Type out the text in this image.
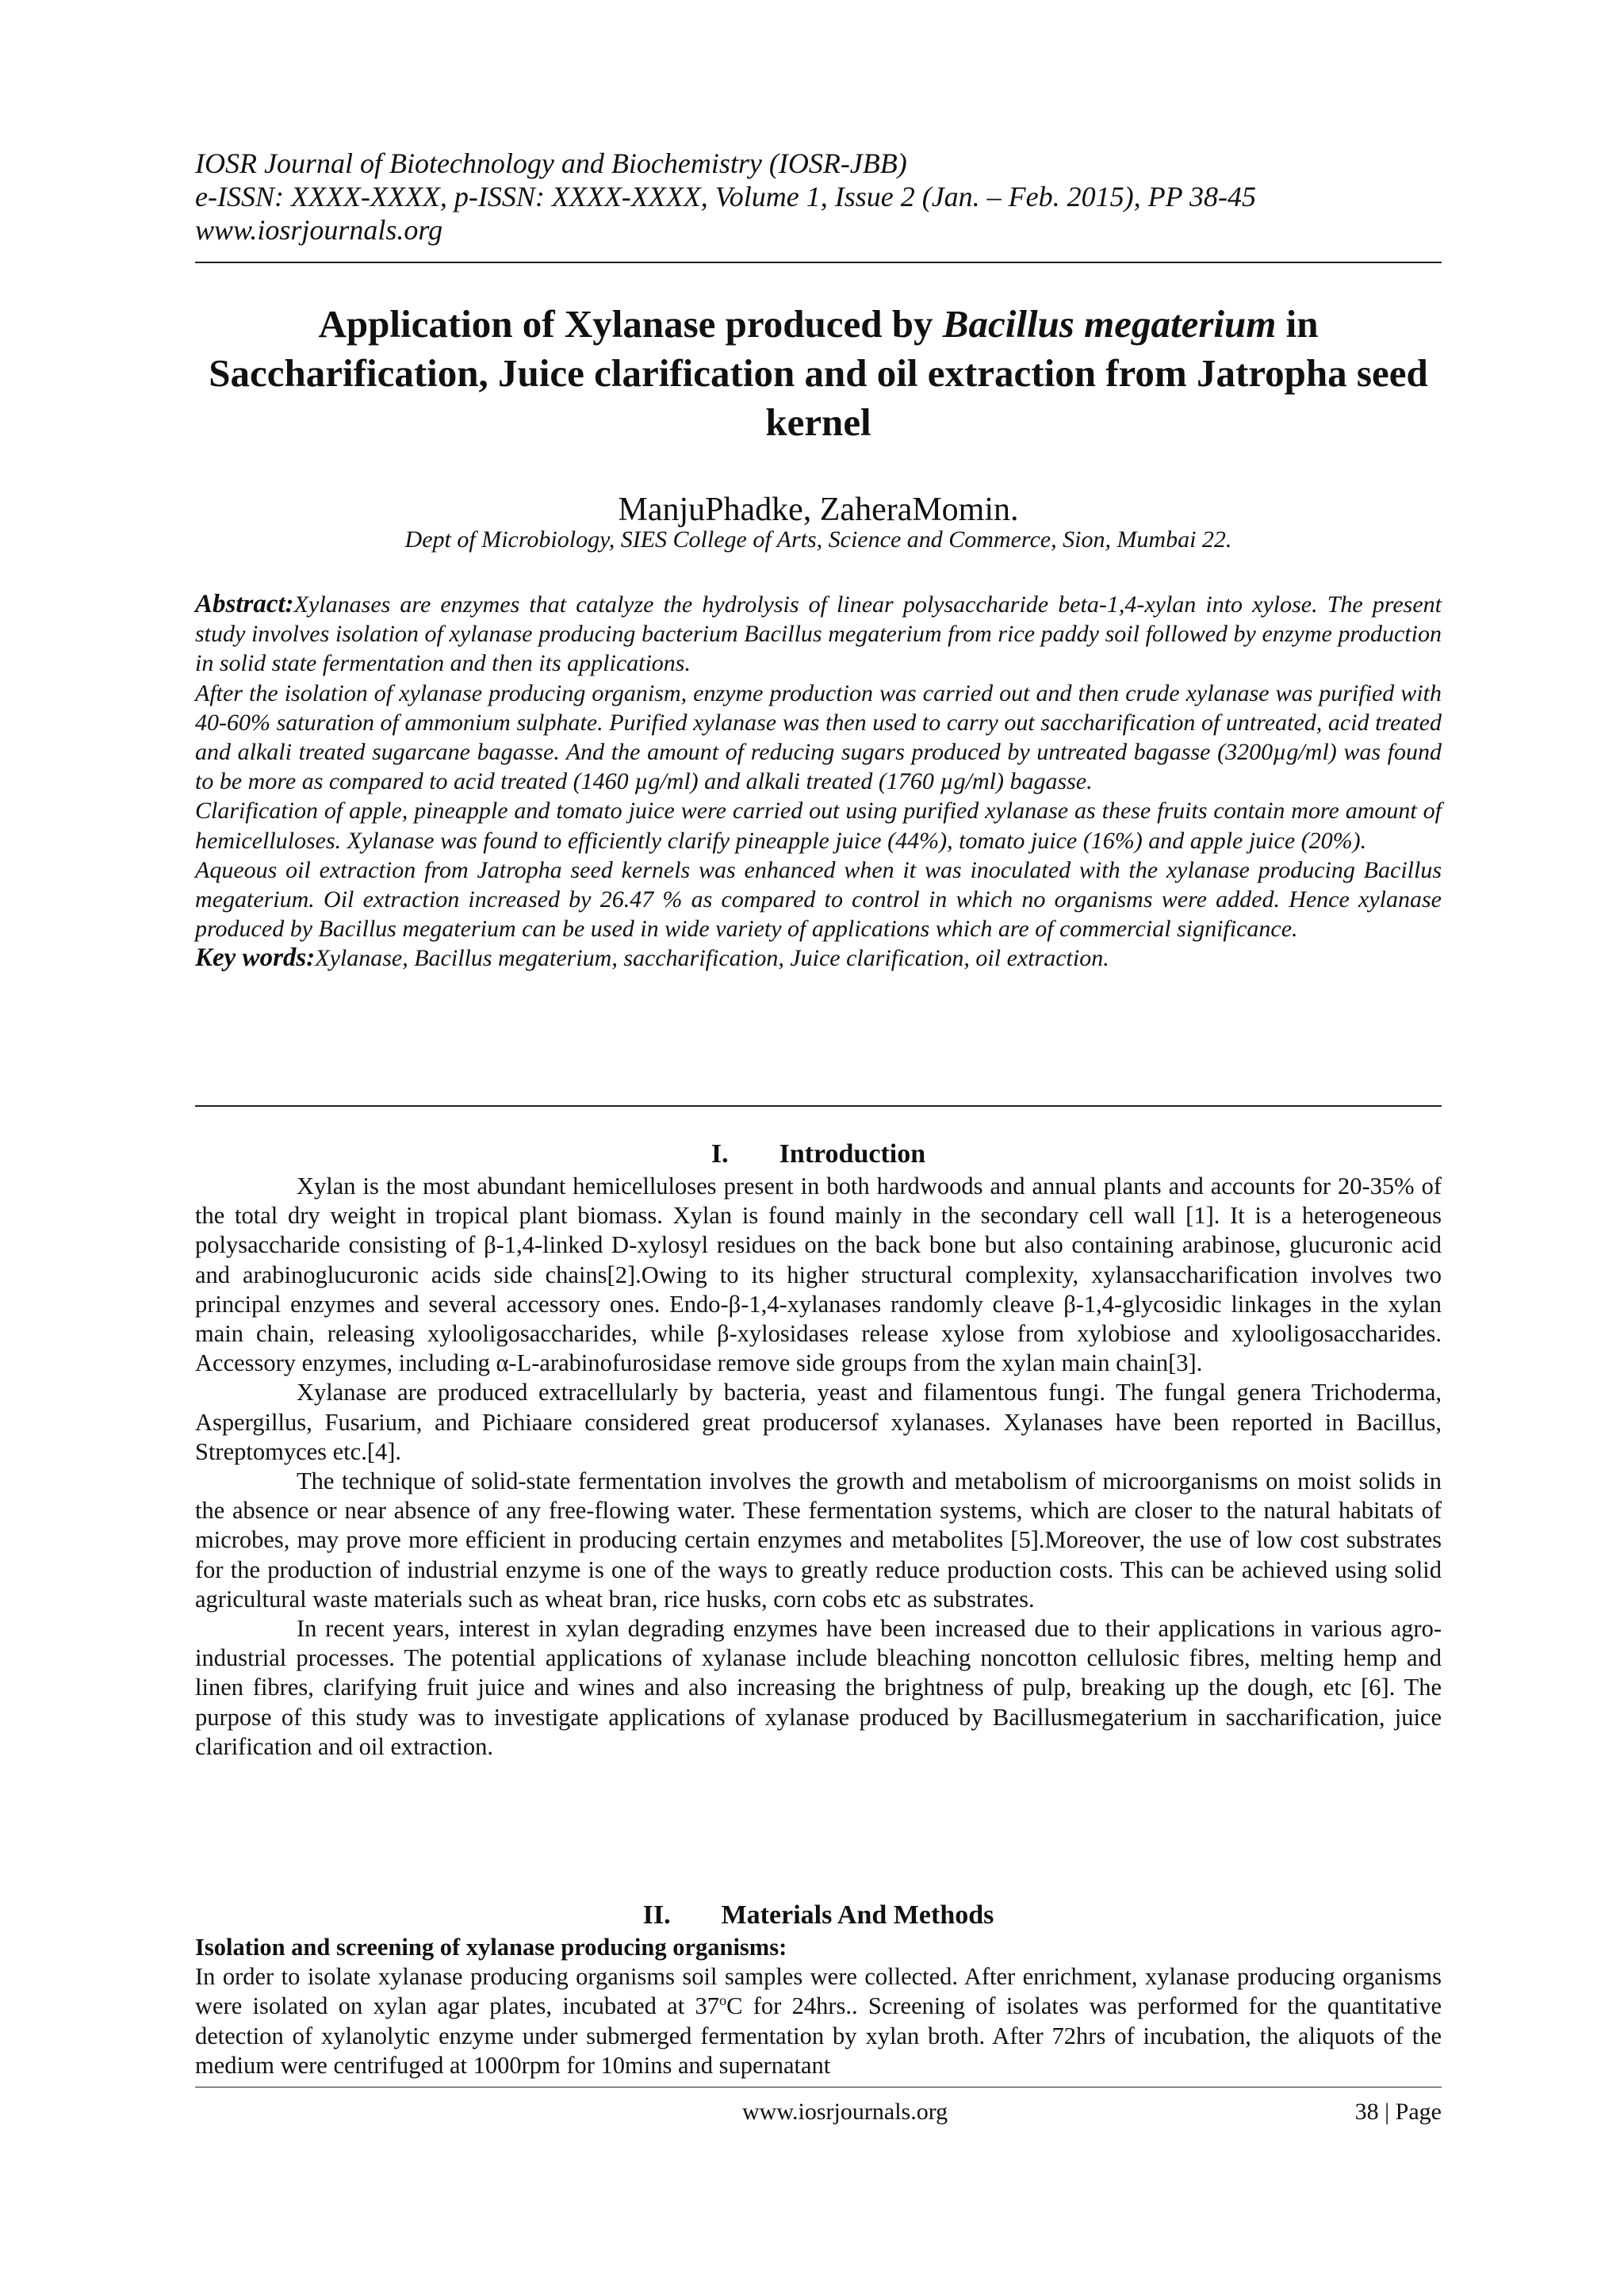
IOSR Journal of Biotechnology and Biochemistry (IOSR-JBB)
e-ISSN: XXXX-XXXX, p-ISSN: XXXX-XXXX, Volume 1, Issue 2 (Jan. – Feb. 2015), PP 38-45
www.iosrjournals.org
Application of Xylanase produced by Bacillus megaterium in Saccharification, Juice clarification and oil extraction from Jatropha seed kernel
ManjuPhadke, ZaheraMomin.
Dept of Microbiology, SIES College of Arts, Science and Commerce, Sion, Mumbai 22.

Abstract:Xylanases are enzymes that catalyze the hydrolysis of linear polysaccharide beta-1,4-xylan into xylose. The present study involves isolation of xylanase producing bacterium Bacillus megaterium from rice paddy soil followed by enzyme production in solid state fermentation and then its applications.

After the isolation of xylanase producing organism, enzyme production was carried out and then crude xylanase was purified with 40-60% saturation of ammonium sulphate. Purified xylanase was then used to carry out saccharification of untreated, acid treated and alkali treated sugarcane bagasse. And the amount of reducing sugars produced by untreated bagasse (3200µg/ml) was found to be more as compared to acid treated (1460 µg/ml) and alkali treated (1760 µg/ml) bagasse.

Clarification of apple, pineapple and tomato juice were carried out using purified xylanase as these fruits contain more amount of hemicelluloses. Xylanase was found to efficiently clarify pineapple juice (44%), tomato juice (16%) and apple juice (20%).

Aqueous oil extraction from Jatropha seed kernels was enhanced when it was inoculated with the xylanase producing Bacillus megaterium. Oil extraction increased by 26.47 % as compared to control in which no organisms were added. Hence xylanase produced by Bacillus megaterium can be used in wide variety of applications which are of commercial significance.

Key words:Xylanase, Bacillus megaterium, saccharification, Juice clarification, oil extraction.

I. Introduction

Xylan is the most abundant hemicelluloses present in both hardwoods and annual plants and accounts for 20-35% of the total dry weight in tropical plant biomass. Xylan is found mainly in the secondary cell wall [1]. It is a heterogeneous polysaccharide consisting of β-1,4-linked D-xylosyl residues on the back bone but also containing arabinose, glucuronic acid and arabinoglucuronic acids side chains[2].Owing to its higher structural complexity, xylansaccharification involves two principal enzymes and several accessory ones. Endo-β-1,4-xylanases randomly cleave β-1,4-glycosidic linkages in the xylan main chain, releasing xylooligosaccharides, while β-xylosidases release xylose from xylobiose and xylooligosaccharides. Accessory enzymes, including α-L-arabinofurosidase remove side groups from the xylan main chain[3].

Xylanase are produced extracellularly by bacteria, yeast and filamentous fungi. The fungal genera Trichoderma, Aspergillus, Fusarium, and Pichiaare considered great producersof xylanases. Xylanases have been reported in Bacillus, Streptomyces etc.[4].

The technique of solid-state fermentation involves the growth and metabolism of microorganisms on moist solids in the absence or near absence of any free-flowing water. These fermentation systems, which are closer to the natural habitats of microbes, may prove more efficient in producing certain enzymes and metabolites [5].Moreover, the use of low cost substrates for the production of industrial enzyme is one of the ways to greatly reduce production costs. This can be achieved using solid agricultural waste materials such as wheat bran, rice husks, corn cobs etc as substrates.

In recent years, interest in xylan degrading enzymes have been increased due to their applications in various agro-industrial processes. The potential applications of xylanase include bleaching noncotton cellulosic fibres, melting hemp and linen fibres, clarifying fruit juice and wines and also increasing the brightness of pulp, breaking up the dough, etc [6]. The purpose of this study was to investigate applications of xylanase produced by Bacillusmegaterium in saccharification, juice clarification and oil extraction.

II. Materials And Methods

Isolation and screening of xylanase producing organisms:

In order to isolate xylanase producing organisms soil samples were collected. After enrichment, xylanase producing organisms were isolated on xylan agar plates, incubated at 37$^o$C for 24hrs.. Screening of isolates was performed for the quantitative detection of xylanolytic enzyme under submerged fermentation by xylan broth. After 72hrs of incubation, the aliquots of the medium were centrifuged at 1000rpm for 10mins and supernatant

www.iosrjournals.org	38 | Page
